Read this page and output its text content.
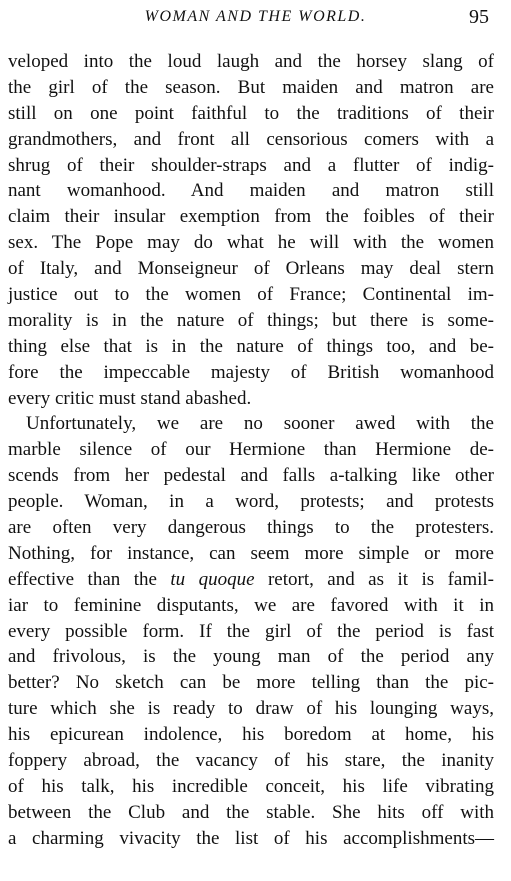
WOMAN AND THE WORLD.	95
veloped into the loud laugh and the horsey slang of
the girl of the season. But maiden and matron are
still on one point faithful to the traditions of their
grandmothers, and front all censorious comers with a
shrug of their shoulder-straps and a flutter of indig-
nant womanhood. And maiden and matron still
claim their insular exemption from the foibles of their
sex. The Pope may do what he will with the women
of Italy, and Monseigneur of Orleans may deal stern
justice out to the women of France; Continental im-
morality is in the nature of things; but there is some-
thing else that is in the nature of things too, and be-
fore the impeccable majesty of British womanhood
every critic must stand abashed.
Unfortunately, we are no sooner awed with the
marble silence of our Hermione than Hermione de-
scends from her pedestal and falls a-talking like other
people. Woman, in a word, protests; and protests
are often very dangerous things to the protesters.
Nothing, for instance, can seem more simple or more
effective than the tu quoque retort, and as it is famil-
iar to feminine disputants, we are favored with it in
every possible form. If the girl of the period is fast
and frivolous, is the young man of the period any
better? No sketch can be more telling than the pic-
ture which she is ready to draw of his lounging ways,
his epicurean indolence, his boredom at home, his
foppery abroad, the vacancy of his stare, the inanity
of his talk, his incredible conceit, his life vibrating
between the Club and the stable. She hits off with
a charming vivacity the list of his accomplishments—
